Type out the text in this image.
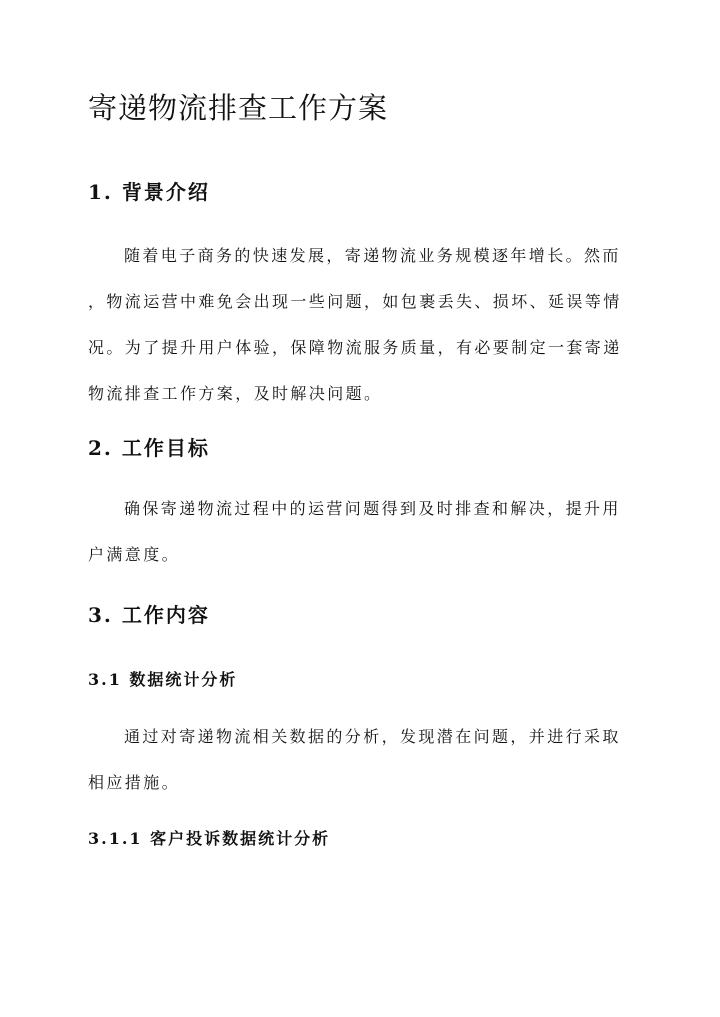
寄递物流排查工作方案
1. 背景介绍
随着电子商务的快速发展，寄递物流业务规模逐年增长。然而
，物流运营中难免会出现一些问题，如包裹丢失、损坏、延误等情
况。为了提升用户体验，保障物流服务质量，有必要制定一套寄递
物流排查工作方案，及时解决问题。
2. 工作目标
确保寄递物流过程中的运营问题得到及时排查和解决，提升用
户满意度。
3. 工作内容
3.1 数据统计分析
通过对寄递物流相关数据的分析，发现潜在问题，并进行采取
相应措施。
3.1.1 客户投诉数据统计分析
